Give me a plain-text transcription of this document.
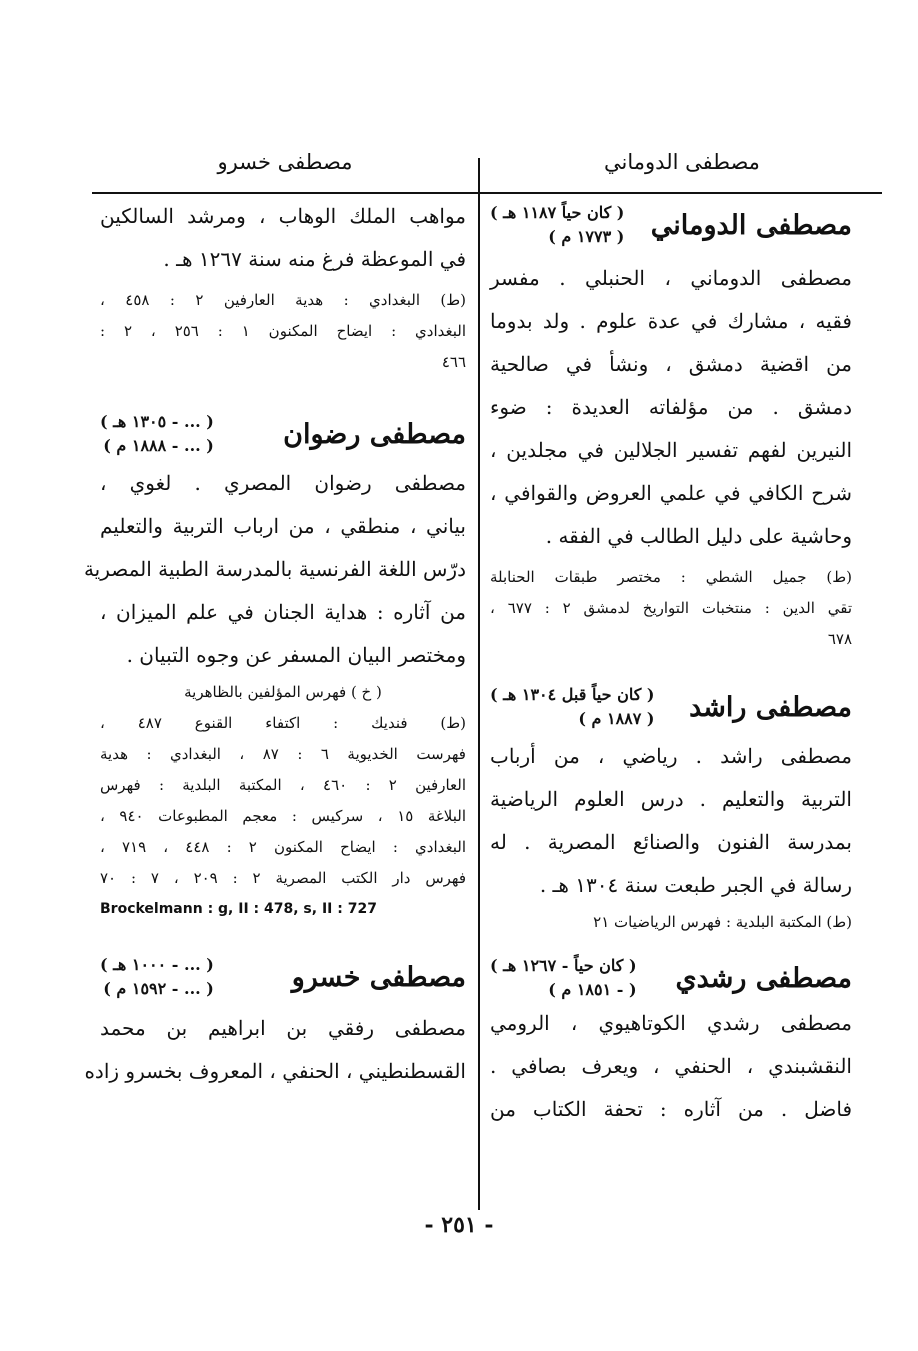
مصطفى الدوماني
مصطفى خسرو
مصطفى الدوماني
( كان حياً ١١٨٧ هـ )
( ١٧٧٣ م )
مصطفى الدوماني ، الحنبلي . مفسر
فقيه ، مشارك في عدة علوم . ولد بدوما
من اقضية دمشق ، ونشأ في صالحية
دمشق . من مؤلفاته العديدة : ضوء
النيرين لفهم تفسير الجلالين في مجلدين ،
شرح الكافي في علمي العروض والقوافي ،
وحاشية على دليل الطالب في الفقه .
(ط) جميل الشطي : مختصر طبقات الحنابلة
تقي الدين : منتخبات التواريخ لدمشق ٢ : ٦٧٧ ،
٦٧٨
مصطفى راشد
( كان حياً قبل ١٣٠٤ هـ )
( ١٨٨٧ م )
مصطفى راشد . رياضي ، من أرباب
التربية والتعليم . درس العلوم الرياضية
بمدرسة الفنون والصنائع المصرية . له
رسالة في الجبر طبعت سنة ١٣٠٤ هـ .
(ط) المكتبة البلدية : فهرس الرياضيات ٢١
مصطفى رشدي
( كان حياً - ١٢٦٧ هـ )
( - ١٨٥١ م )
مصطفى رشدي الكوتاهيوي ، الرومي
النقشبندي ، الحنفي ، ويعرف بصافي .
فاضل . من آثاره : تحفة الكتاب من
مواهب الملك الوهاب ، ومرشد السالكين
في الموعظة فرغ منه سنة ١٢٦٧ هـ .
(ط) البغدادي : هدية العارفين ٢ : ٤٥٨ ،
البغدادي : ايضاح المكنون ١ : ٢٥٦ ، ٢ :
٤٦٦
مصطفى رضوان
( ... - ١٣٠٥ هـ )
( ... - ١٨٨٨ م )
مصطفى رضوان المصري . لغوي ،
بياني ، منطقي ، من ارباب التربية والتعليم
درّس اللغة الفرنسية بالمدرسة الطبية المصرية
من آثاره : هداية الجنان في علم الميزان ،
ومختصر البيان المسفر عن وجوه التبيان .
( خ ) فهرس المؤلفين بالظاهرية
(ط) فنديك : اكتفاء القنوع ٤٨٧ ،
فهرست الخديوية ٦ : ٨٧ ، البغدادي : هدية
العارفين ٢ : ٤٦٠ ، المكتبة البلدية : فهرس
البلاغة ١٥ ، سركيس : معجم المطبوعات ٩٤٠ ،
البغدادي : ايضاح المكنون ٢ : ٤٤٨ ، ٧١٩ ،
فهرس دار الكتب المصرية ٢ : ٢٠٩ ، ٧ : ٧٠
Brockelmann : g, II : 478, s, II : 727
مصطفى خسرو
( ... - ١٠٠٠ هـ )
( ... - ١٥٩٢ م )
مصطفى رفقي بن ابراهيم بن محمد
القسطنطيني ، الحنفي ، المعروف بخسرو زاده
- ٢٥١ -
